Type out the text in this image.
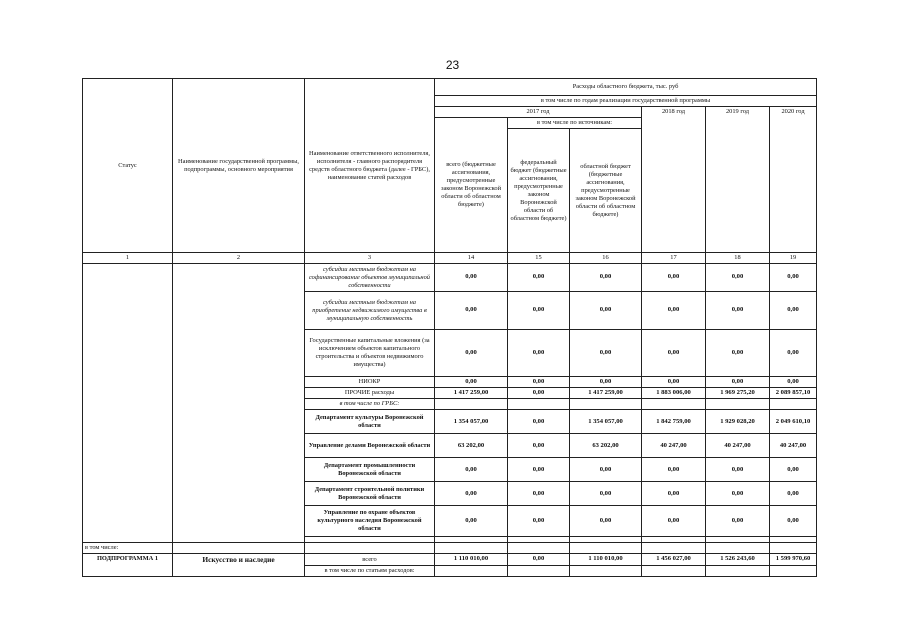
23
Статус	Наименование государственной программы, подпрограммы, основного мероприятия	Наименование ответственного исполнителя, исполнителя - главного распорядителя средств областного бюджета (далее - ГРБС), наименование статей расходов	Расходы областного бюджета, тыс. руб					
			в том числе по годам реализации государственной программы					
			2017 год			2018 год	2019 год	2020 год
			всего (бюджетные ассигнования, предусмотренные законом Воронежской области об областном бюджете)	в том числе по источникам:				
				федеральный бюджет (бюджетные ассигнования, предусмотренные законом Воронежской области об областном бюджете)	областной бюджет (бюджетные ассигнования, предусмотренные законом Воронежской области об областном бюджете)			
1	2	3	14	15	16	17	18	19
		субсидии местным бюджетам на софинансирование объектов муниципальной собственности	0,00	0,00	0,00	0,00	0,00	0,00
		субсидии местным бюджетам на приобретение недвижимого имущества в муниципальную собственность	0,00	0,00	0,00	0,00	0,00	0,00
		Государственные капитальные вложения (за исключением объектов капитального строительства и объектов недвижимого имущества)	0,00	0,00	0,00	0,00	0,00	0,00
		НИОКР	0,00	0,00	0,00	0,00	0,00	0,00
		ПРОЧИЕ расходы	1 417 259,00	0,00	1 417 259,00	1 883 006,00	1 969 275,20	2 089 857,10
		в том числе по ГРБС:						
		Департамент культуры Воронежской области	1 354 057,00	0,00	1 354 057,00	1 842 759,00	1 929 028,20	2 049 610,10
		Управление делами Воронежской области	63 202,00	0,00	63 202,00	40 247,00	40 247,00	40 247,00
		Департамент промышленности Воронежской области	0,00	0,00	0,00	0,00	0,00	0,00
		Департамент строительной политики Воронежской области	0,00	0,00	0,00	0,00	0,00	0,00
		Управление по охране объектов культурного наследия Воронежской области	0,00	0,00	0,00	0,00	0,00	0,00

в том числе:								
ПОДПРОГРАММА 1	Искусство и наследие	всего	1 110 010,00	0,00	1 110 010,00	1 456 027,00	1 526 243,60	1 599 970,60
		в том числе по статьям расходов:						
